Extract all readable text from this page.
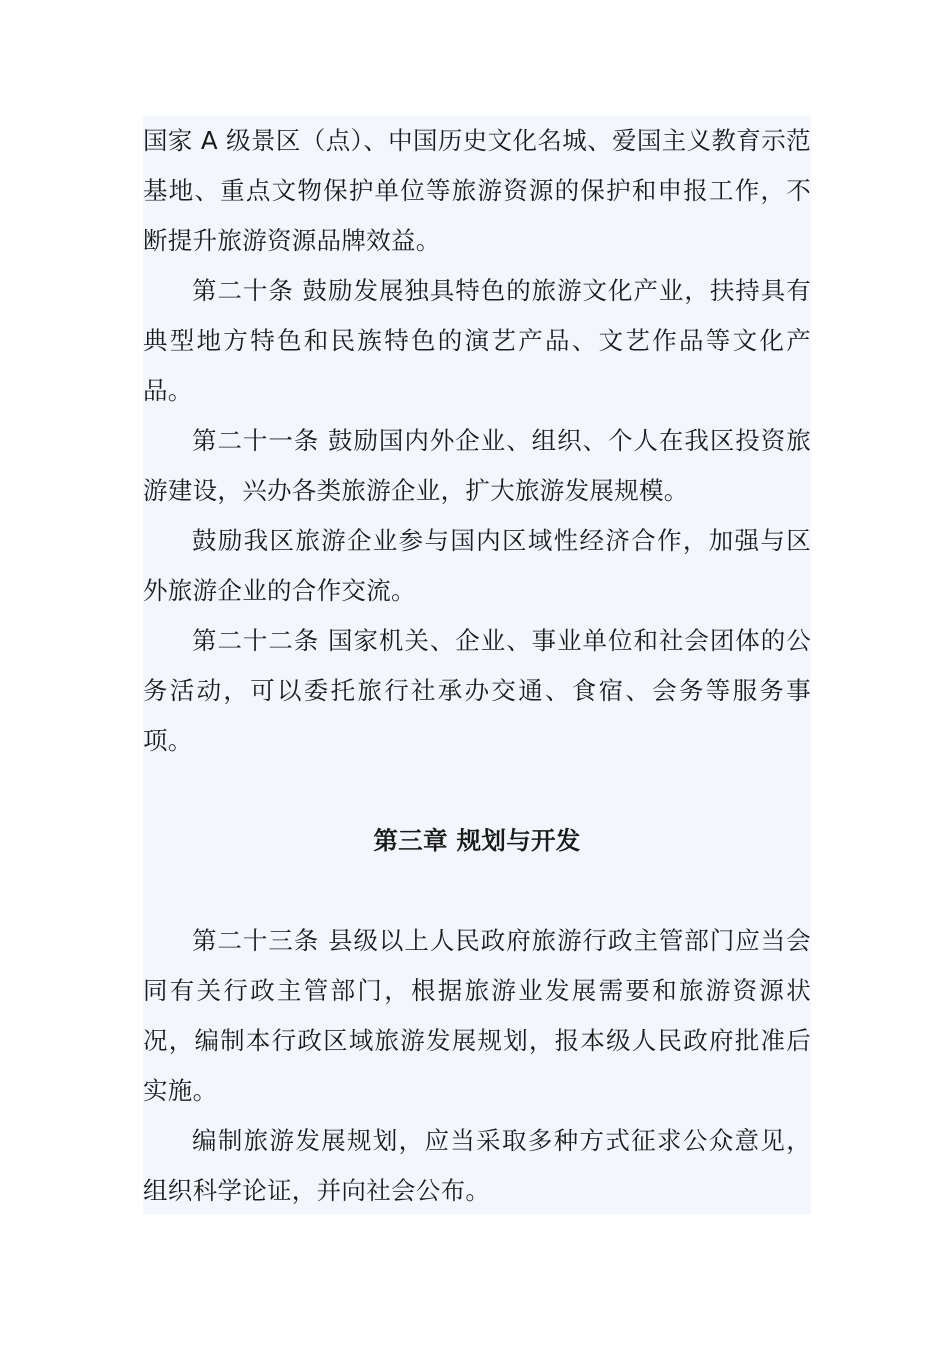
国家 A 级景区（点）、中国历史文化名城、爱国主义教育示范基地、重点文物保护单位等旅游资源的保护和申报工作，不断提升旅游资源品牌效益。

第二十条 鼓励发展独具特色的旅游文化产业，扶持具有典型地方特色和民族特色的演艺产品、文艺作品等文化产品。

第二十一条 鼓励国内外企业、组织、个人在我区投资旅游建设，兴办各类旅游企业，扩大旅游发展规模。

鼓励我区旅游企业参与国内区域性经济合作，加强与区外旅游企业的合作交流。

第二十二条 国家机关、企业、事业单位和社会团体的公务活动，可以委托旅行社承办交通、食宿、会务等服务事项。

第三章 规划与开发

第二十三条 县级以上人民政府旅游行政主管部门应当会同有关行政主管部门，根据旅游业发展需要和旅游资源状况，编制本行政区域旅游发展规划，报本级人民政府批准后实施。

编制旅游发展规划，应当采取多种方式征求公众意见，组织科学论证，并向社会公布。
